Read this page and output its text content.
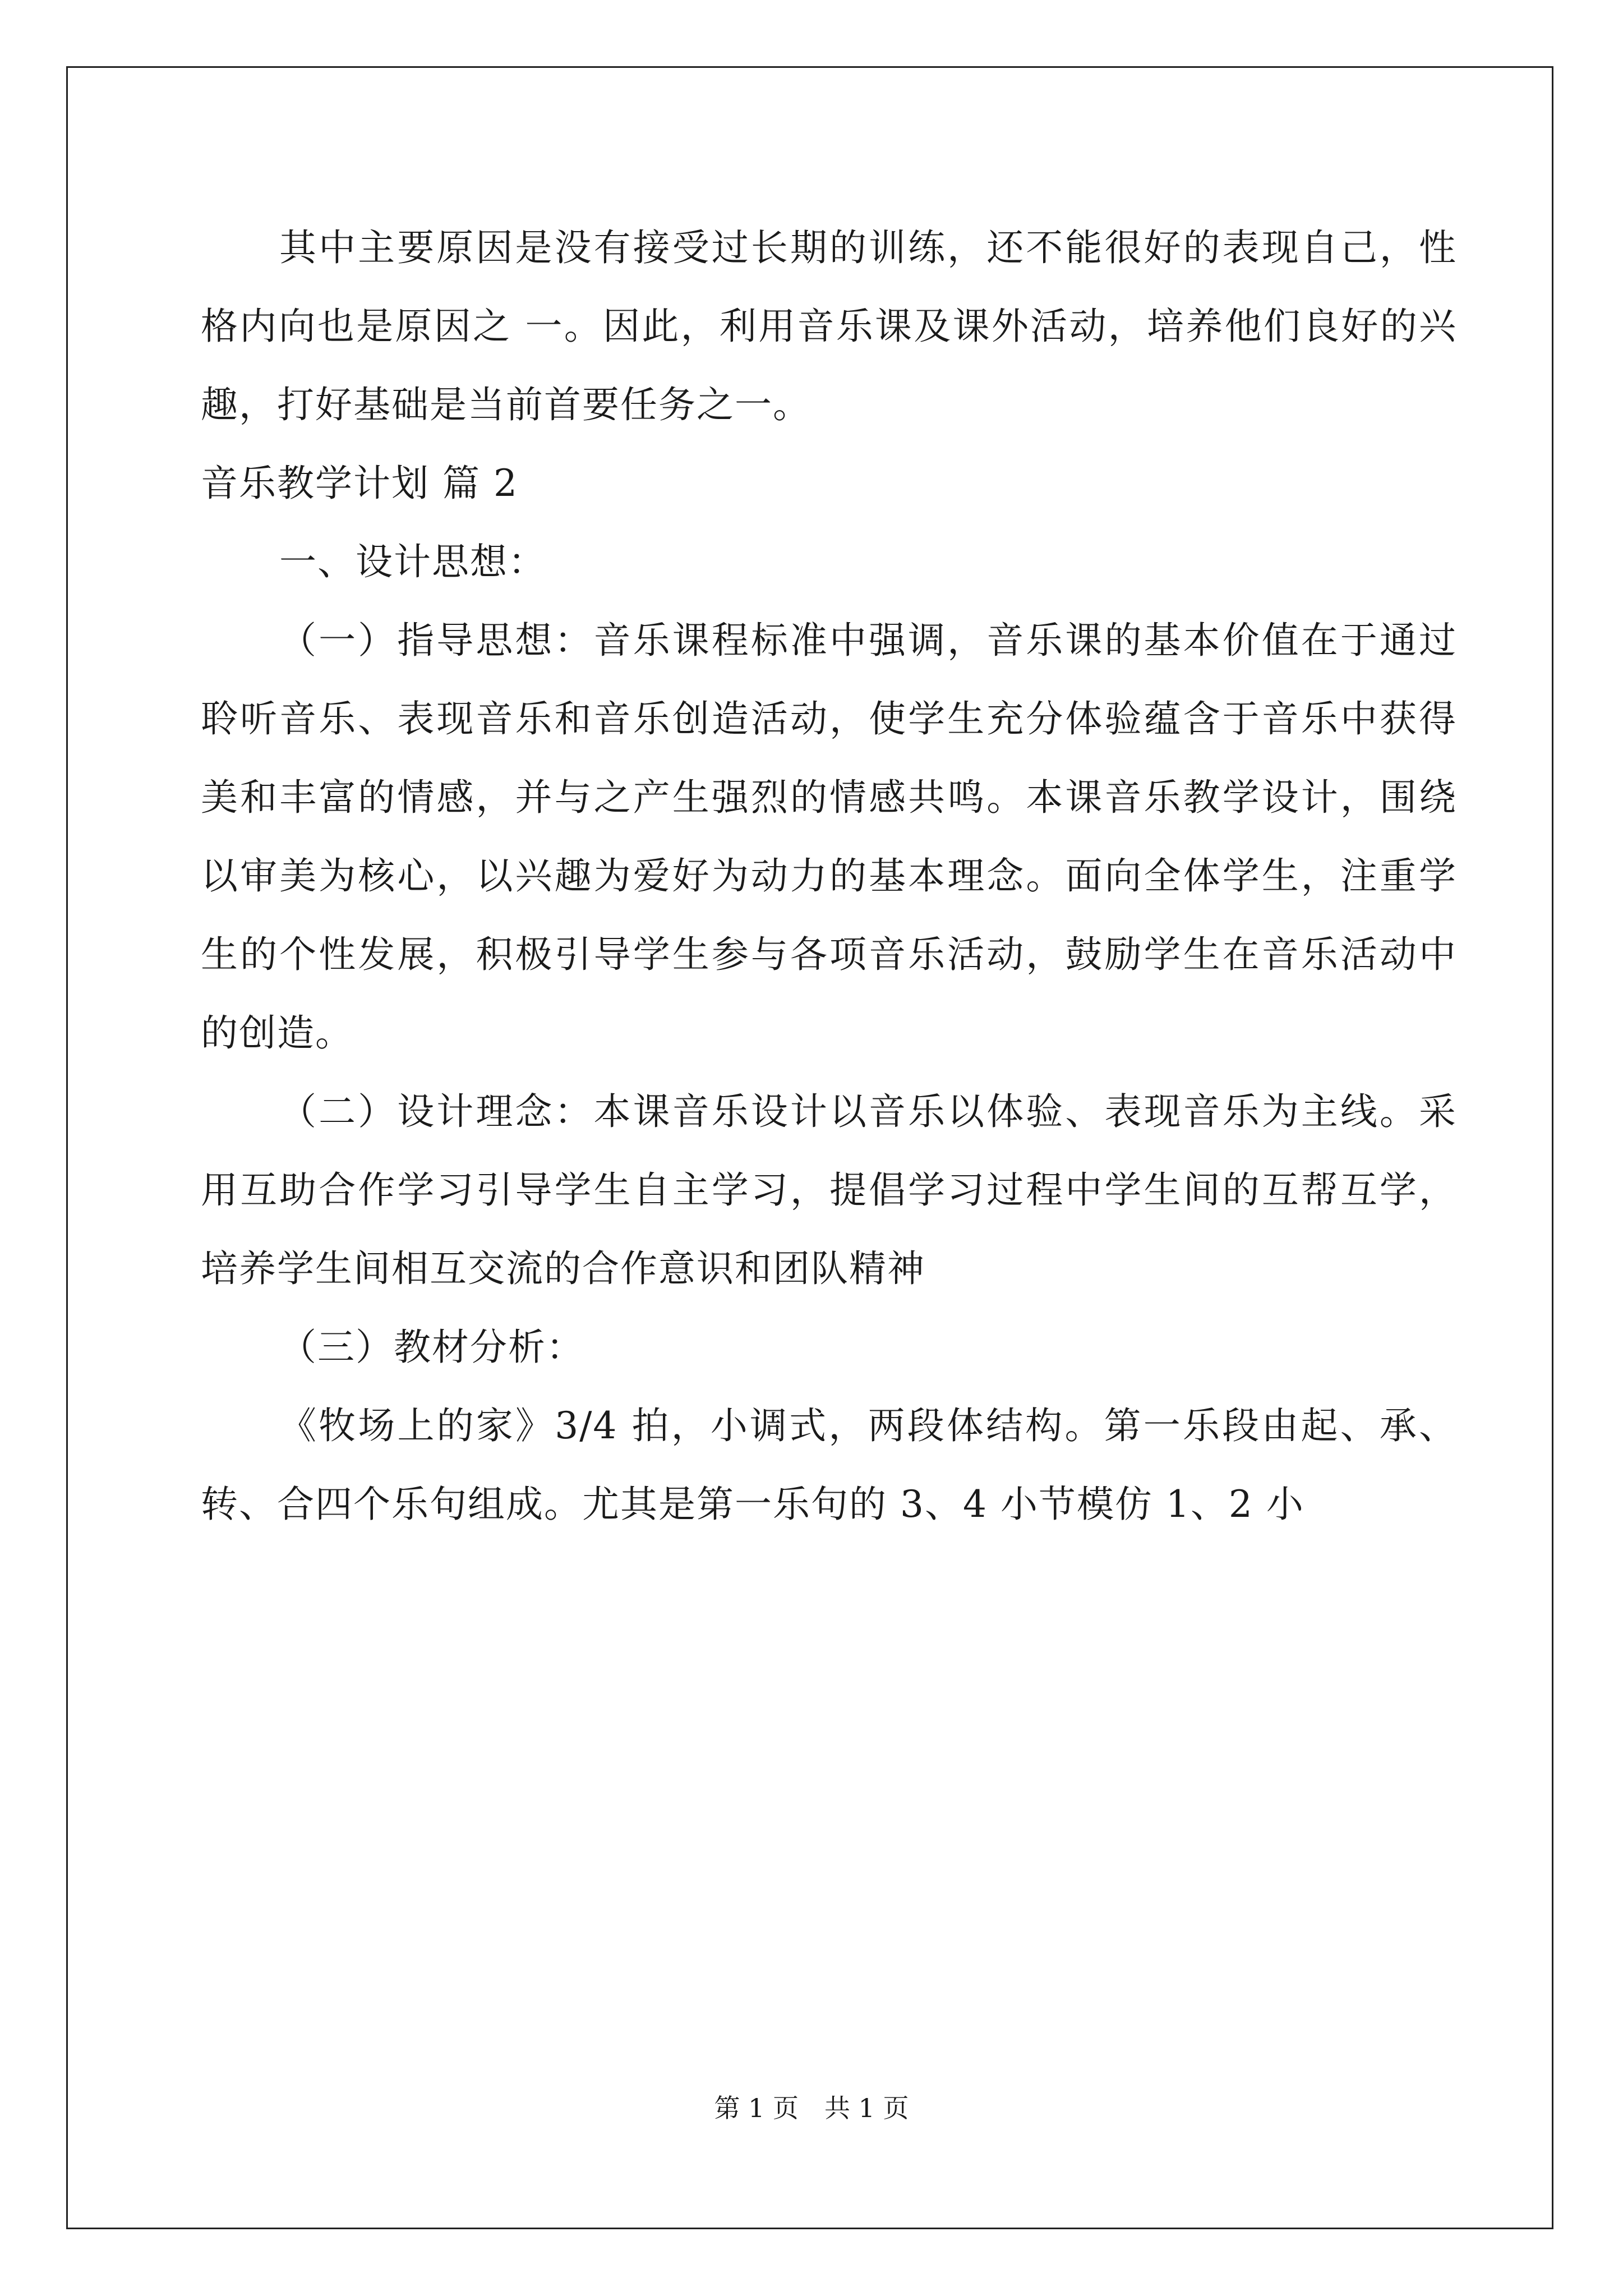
其中主要原因是没有接受过长期的训练，还不能很好的表现自己，性格内向也是原因之 一。因此，利用音乐课及课外活动，培养他们良好的兴趣，打好基础是当前首要任务之一。

音乐教学计划 篇 2

一、设计思想：

（一）指导思想：音乐课程标准中强调，音乐课的基本价值在于通过聆听音乐、表现音乐和音乐创造活动，使学生充分体验蕴含于音乐中获得美和丰富的情感，并与之产生强烈的情感共鸣。本课音乐教学设计，围绕以审美为核心，以兴趣为爱好为动力的基本理念。面向全体学生，注重学生的个性发展，积极引导学生参与各项音乐活动，鼓励学生在音乐活动中的创造。

（二）设计理念：本课音乐设计以音乐以体验、表现音乐为主线。采用互助合作学习引导学生自主学习，提倡学习过程中学生间的互帮互学，培养学生间相互交流的合作意识和团队精神

（三）教材分析：

《牧场上的家》3/4 拍，小调式，两段体结构。第一乐段由起、承、转、合四个乐句组成。尤其是第一乐句的 3、4 小节模仿 1、2 小

第 1 页　共 1 页
